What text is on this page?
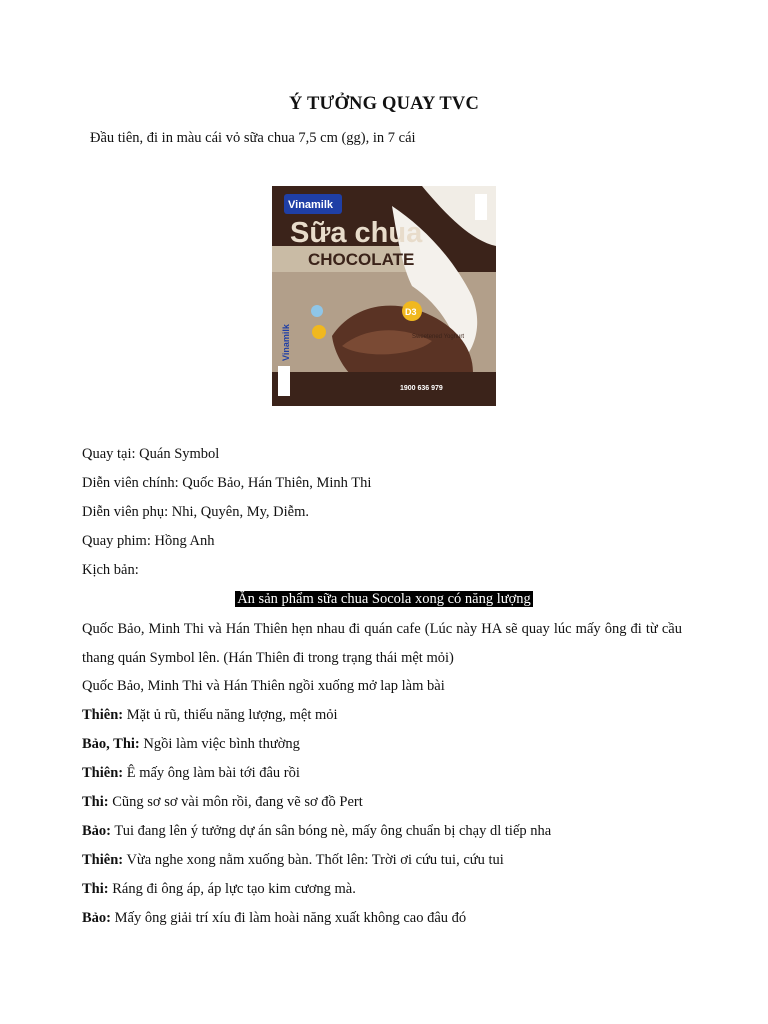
Ý TƯỞNG QUAY TVC
Đầu tiên, đi in màu cái vỏ sữa chua 7,5 cm (gg), in 7 cái
Vinamilk
Sữa chua
CHOCOLATE
D3
Vinamilk	Sweetened Yoghurt
1900 636 979
Quay tại: Quán Symbol
Diễn viên chính: Quốc Bảo, Hán Thiên, Minh Thi
Diễn viên phụ: Nhi, Quyên, My, Diễm.
Quay phim: Hồng Anh
Kịch bản:
Ăn sản phẩm sữa chua Socola xong có năng lượng
Quốc Bảo, Minh Thi và Hán Thiên hẹn nhau đi quán cafe (Lúc này HA sẽ quay lúc mấy ông đi từ cầu thang quán Symbol lên. (Hán Thiên đi trong trạng thái mệt mỏi)
Quốc Bảo, Minh Thi và Hán Thiên ngồi xuống mở lap làm bài
Thiên: Mặt ủ rũ, thiếu năng lượng, mệt mỏi
Bảo, Thi: Ngồi làm việc bình thường
Thiên: Ê mấy ông làm bài tới đâu rồi
Thi: Cũng sơ sơ vài môn rồi, đang vẽ sơ đồ Pert
Bảo: Tui đang lên ý tưởng dự án sân bóng nè, mấy ông chuẩn bị chạy dl tiếp nha
Thiên: Vừa nghe xong nằm xuống bàn. Thốt lên: Trời ơi cứu tui, cứu tui
Thi: Ráng đi ông áp, áp lực tạo kim cương mà.
Bảo: Mấy ông giải trí xíu đi làm hoài năng xuất không cao đâu đó
